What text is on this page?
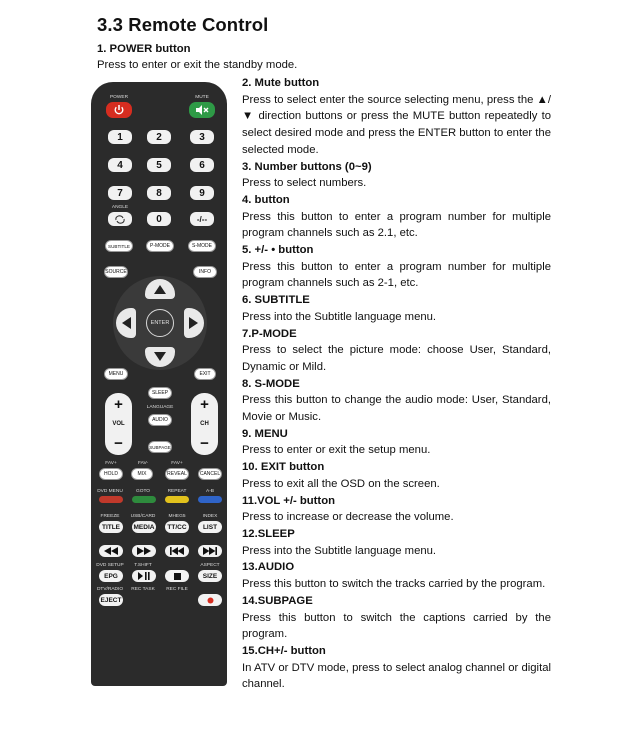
3.3 Remote Control
1. POWER button
Press to enter or exit the standby mode.
2. Mute button
Press to select enter the source selecting menu, press the ▲/▼ direction buttons or press the MUTE button repeatedly to select desired mode and press the ENTER button to enter the selected mode.
3. Number buttons (0~9)
Press to select numbers.
4. button
Press this button to enter a program number for multiple program channels such as 2.1, etc.
5. +/- • button
Press this button to enter a program number for multiple program channels such as 2-1, etc.
6. SUBTITLE
Press into the Subtitle language menu.
7.P-MODE
Press to select the picture mode: choose User, Standard, Dynamic or Mild.
8. S-MODE
Press this button to change the audio mode: User, Standard, Movie or Music.
9. MENU
Press to enter or exit the setup menu.
10. EXIT button
Press to exit all the OSD on the screen.
11.VOL +/- button
Press to increase or decrease the volume.
12.SLEEP
Press into the Subtitle language menu.
13.AUDIO
Press this button to switch the tracks carried by the program.
14.SUBPAGE
Press this button to switch the captions carried by the program.
15.CH+/- button
In ATV or DTV mode, press to select analog channel or digital channel.
POWER	MUTE
1	2	3
4	5	6
7	8	9
ANGLE
0	-/--
SUBTITLE	P-MODE	S-MODE
SOURCE	INFO
ENTER
MENU	EXIT
+
VOL
−
+
CH
−
SLEEP
LANGUAGE
AUDIO
SUBPAGE
FAV+	FAV-	FAV+
HOLD	MIX	REVEAL	CANCEL
DVD MENU	GOTO	REPEAT	A-B
FREEZE USB/CARD	MHEG5	INDEX
TITLE	MEDIA	TT/CC	LIST
DVD SETUP T.SHIFT	ASPECT
EPG	SIZE
DTV/RADIO REC TASK REC FILE
EJECT
